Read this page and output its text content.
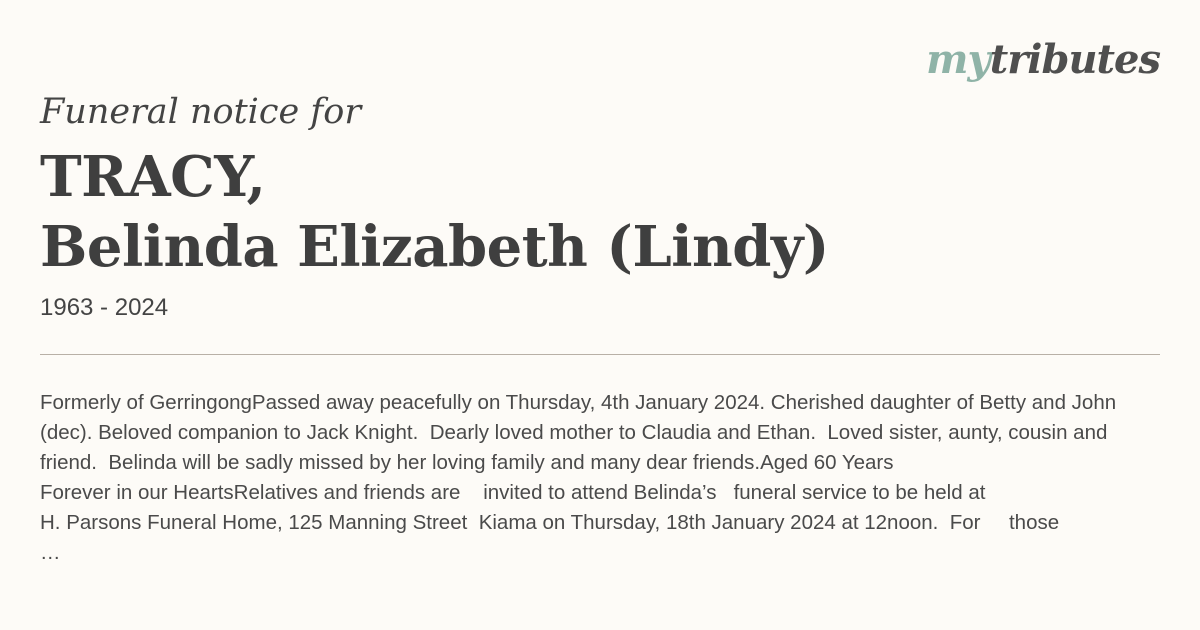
mytributes
Funeral notice for
TRACY,
Belinda Elizabeth (Lindy)
1963 - 2024

Formerly of GerringongPassed away peacefully on Thursday, 4th January 2024. Cherished daughter of Betty and John (dec). Beloved companion to Jack Knight.  Dearly loved mother to Claudia and Ethan.  Loved sister, aunty, cousin and friend.  Belinda will be sadly missed by her loving family and many dear friends.Aged 60 Years
Forever in our HeartsRelatives and friends are    invited to attend Belinda’s   funeral service to be held at
H. Parsons Funeral Home, 125 Manning Street  Kiama on Thursday, 18th January 2024 at 12noon.  For     those
…
